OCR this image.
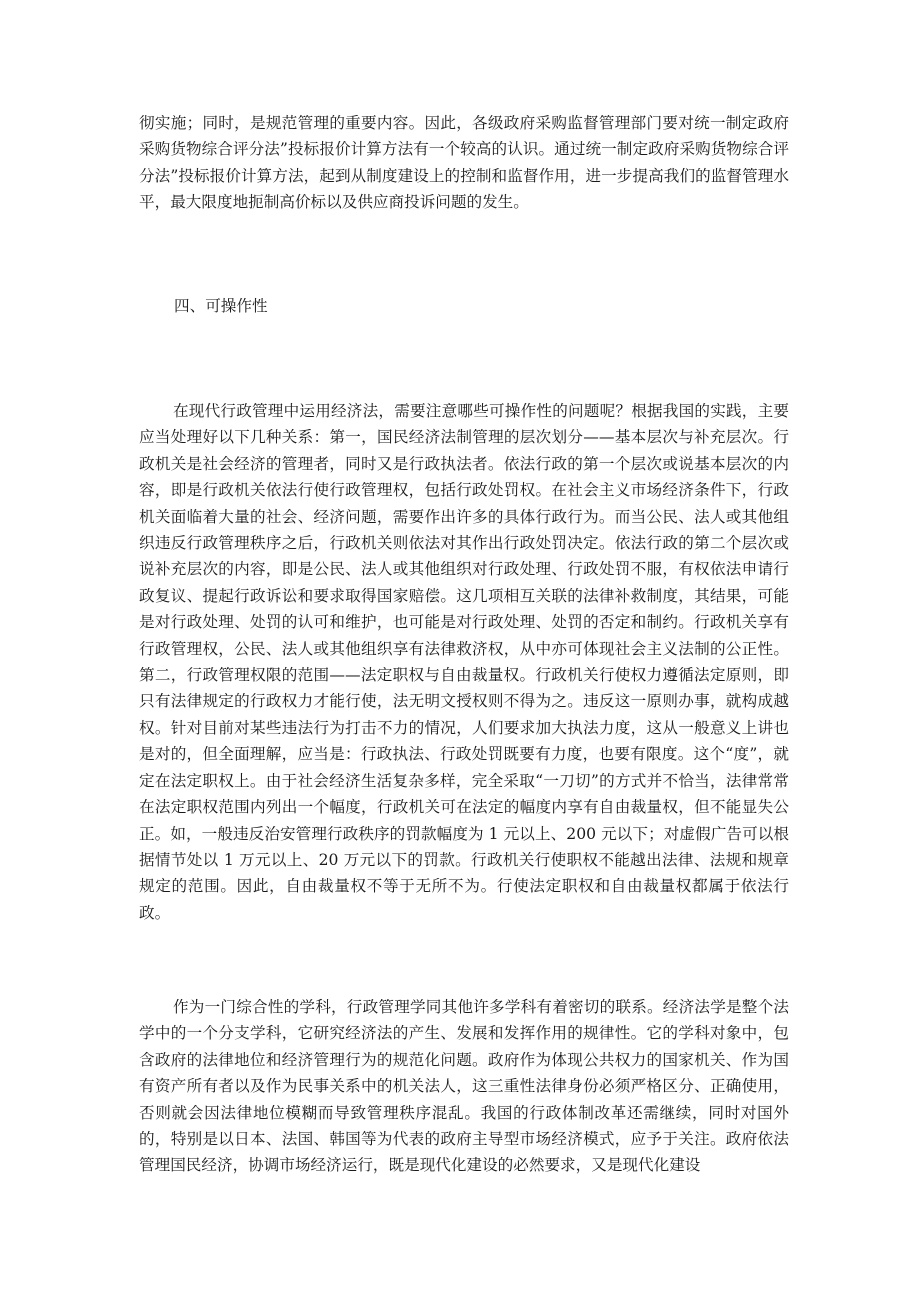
彻实施；同时，是规范管理的重要内容。因此，各级政府采购监督管理部门要对统一制定政府采购货物综合评分法”投标报价计算方法有一个较高的认识。通过统一制定政府采购货物综合评分法”投标报价计算方法，起到从制度建设上的控制和监督作用，进一步提高我们的监督管理水平，最大限度地扼制高价标以及供应商投诉问题的发生。

四、可操作性

在现代行政管理中运用经济法，需要注意哪些可操作性的问题呢？根据我国的实践，主要应当处理好以下几种关系：第一，国民经济法制管理的层次划分——基本层次与补充层次。行政机关是社会经济的管理者，同时又是行政执法者。依法行政的第一个层次或说基本层次的内容，即是行政机关依法行使行政管理权，包括行政处罚权。在社会主义市场经济条件下，行政机关面临着大量的社会、经济问题，需要作出许多的具体行政行为。而当公民、法人或其他组织违反行政管理秩序之后，行政机关则依法对其作出行政处罚决定。依法行政的第二个层次或说补充层次的内容，即是公民、法人或其他组织对行政处理、行政处罚不服，有权依法申请行政复议、提起行政诉讼和要求取得国家赔偿。这几项相互关联的法律补救制度，其结果，可能是对行政处理、处罚的认可和维护，也可能是对行政处理、处罚的否定和制约。行政机关享有行政管理权，公民、法人或其他组织享有法律救济权，从中亦可体现社会主义法制的公正性。第二，行政管理权限的范围——法定职权与自由裁量权。行政机关行使权力遵循法定原则，即只有法律规定的行政权力才能行使，法无明文授权则不得为之。违反这一原则办事，就构成越权。针对目前对某些违法行为打击不力的情况，人们要求加大执法力度，这从一般意义上讲也是对的，但全面理解，应当是：行政执法、行政处罚既要有力度，也要有限度。这个“度”，就定在法定职权上。由于社会经济生活复杂多样，完全采取“一刀切”的方式并不恰当，法律常常在法定职权范围内列出一个幅度，行政机关可在法定的幅度内享有自由裁量权，但不能显失公正。如，一般违反治安管理行政秩序的罚款幅度为 1 元以上、200 元以下；对虚假广告可以根据情节处以 1 万元以上、20 万元以下的罚款。行政机关行使职权不能越出法律、法规和规章规定的范围。因此，自由裁量权不等于无所不为。行使法定职权和自由裁量权都属于依法行政。

作为一门综合性的学科，行政管理学同其他许多学科有着密切的联系。经济法学是整个法学中的一个分支学科，它研究经济法的产生、发展和发挥作用的规律性。它的学科对象中，包含政府的法律地位和经济管理行为的规范化问题。政府作为体现公共权力的国家机关、作为国有资产所有者以及作为民事关系中的机关法人，这三重性法律身份必须严格区分、正确使用，否则就会因法律地位模糊而导致管理秩序混乱。我国的行政体制改革还需继续，同时对国外的，特别是以日本、法国、韩国等为代表的政府主导型市场经济模式，应予于关注。政府依法管理国民经济，协调市场经济运行，既是现代化建设的必然要求，又是现代化建设
